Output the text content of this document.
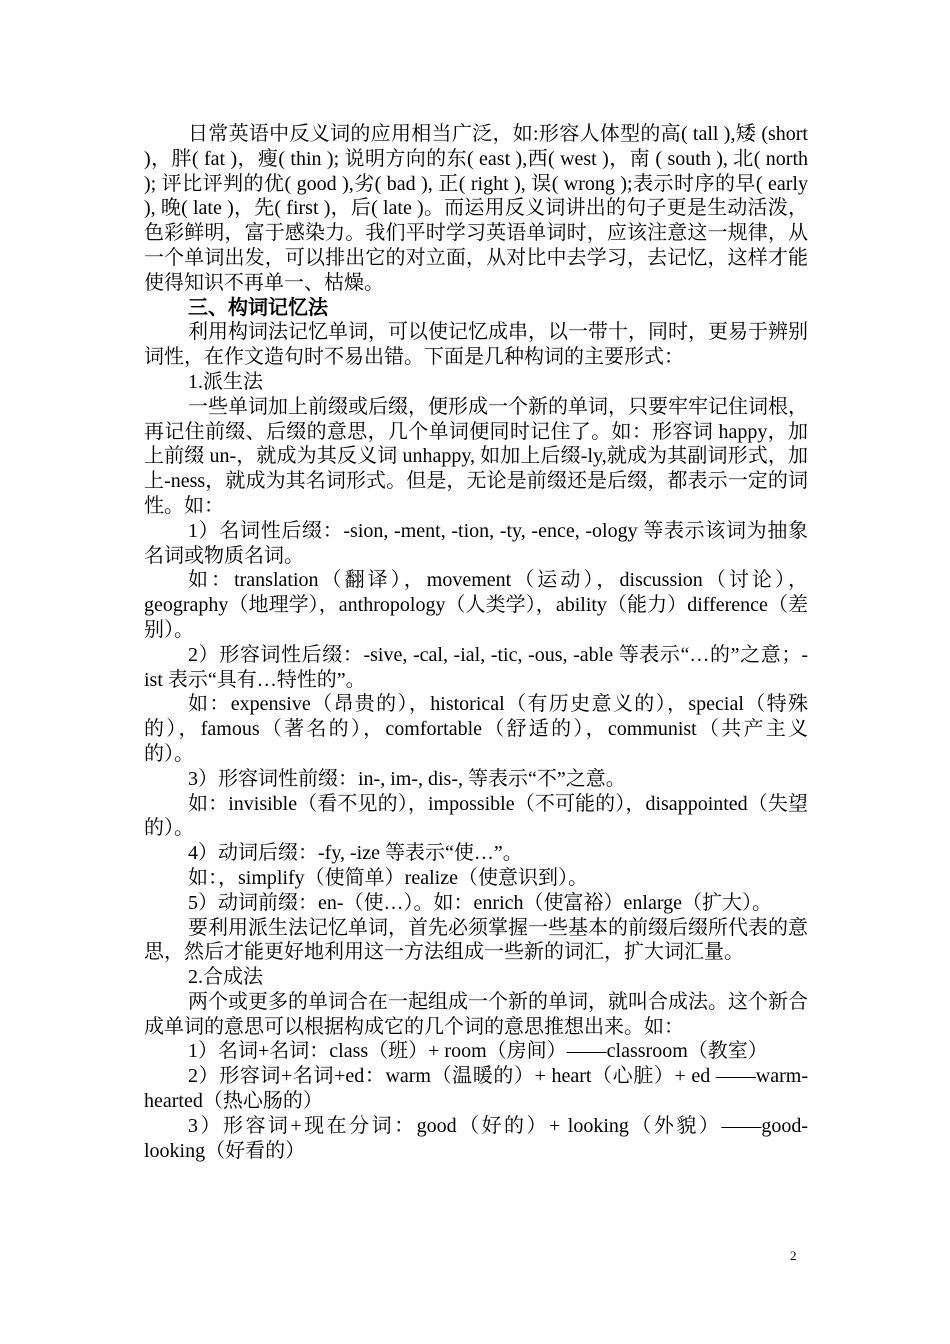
日常英语中反义词的应用相当广泛，如:形容人体型的高( tall ),矮 (short )，胖( fat )，瘦( thin ); 说明方向的东( east ),西( west )，南 ( south ), 北( north ); 评比评判的优( good ),劣( bad ), 正( right ), 误( wrong );表示时序的早( early ), 晚( late )，先( first )，后( late )。而运用反义词讲出的句子更是生动活泼，色彩鲜明，富于感染力。我们平时学习英语单词时，应该注意这一规律，从一个单词出发，可以排出它的对立面，从对比中去学习，去记忆，这样才能使得知识不再单一、枯燥。

三、构词记忆法

利用构词法记忆单词，可以使记忆成串，以一带十，同时，更易于辨别词性，在作文造句时不易出错。下面是几种构词的主要形式：

1.派生法

一些单词加上前缀或后缀，便形成一个新的单词，只要牢牢记住词根，再记住前缀、后缀的意思，几个单词便同时记住了。如：形容词 happy，加上前缀 un-，就成为其反义词 unhappy, 如加上后缀-ly,就成为其副词形式，加上-ness，就成为其名词形式。但是，无论是前缀还是后缀，都表示一定的词性。如：

1）名词性后缀：-sion, -ment, -tion, -ty, -ence, -ology 等表示该词为抽象名词或物质名词。

如：translation（翻译），movement（运动），discussion（讨论），geography（地理学），anthropology（人类学），ability（能力）difference（差别）。

2）形容词性后缀：-sive, -cal, -ial, -tic, -ous, -able 等表示“…的”之意；-ist 表示“具有…特性的”。

如：expensive（昂贵的），historical（有历史意义的），special（特殊的），famous（著名的），comfortable（舒适的），communist（共产主义的）。

3）形容词性前缀：in-, im-, dis-, 等表示“不”之意。

如：invisible（看不见的），impossible（不可能的），disappointed（失望的）。

4）动词后缀：-fy, -ize 等表示“使…”。

如：，simplify（使简单）realize（使意识到）。

5）动词前缀：en-（使…）。如：enrich（使富裕）enlarge（扩大）。

要利用派生法记忆单词，首先必须掌握一些基本的前缀后缀所代表的意思，然后才能更好地利用这一方法组成一些新的词汇，扩大词汇量。

2.合成法

两个或更多的单词合在一起组成一个新的单词，就叫合成法。这个新合成单词的意思可以根据构成它的几个词的意思推想出来。如：

1）名词+名词：class（班）+ room（房间）——classroom（教室）

2）形容词+名词+ed：warm（温暖的）+ heart（心脏）+ ed ——warm-hearted（热心肠的）

3）形容词+现在分词：good（好的）+ looking（外貌）——good-looking（好看的）

2
